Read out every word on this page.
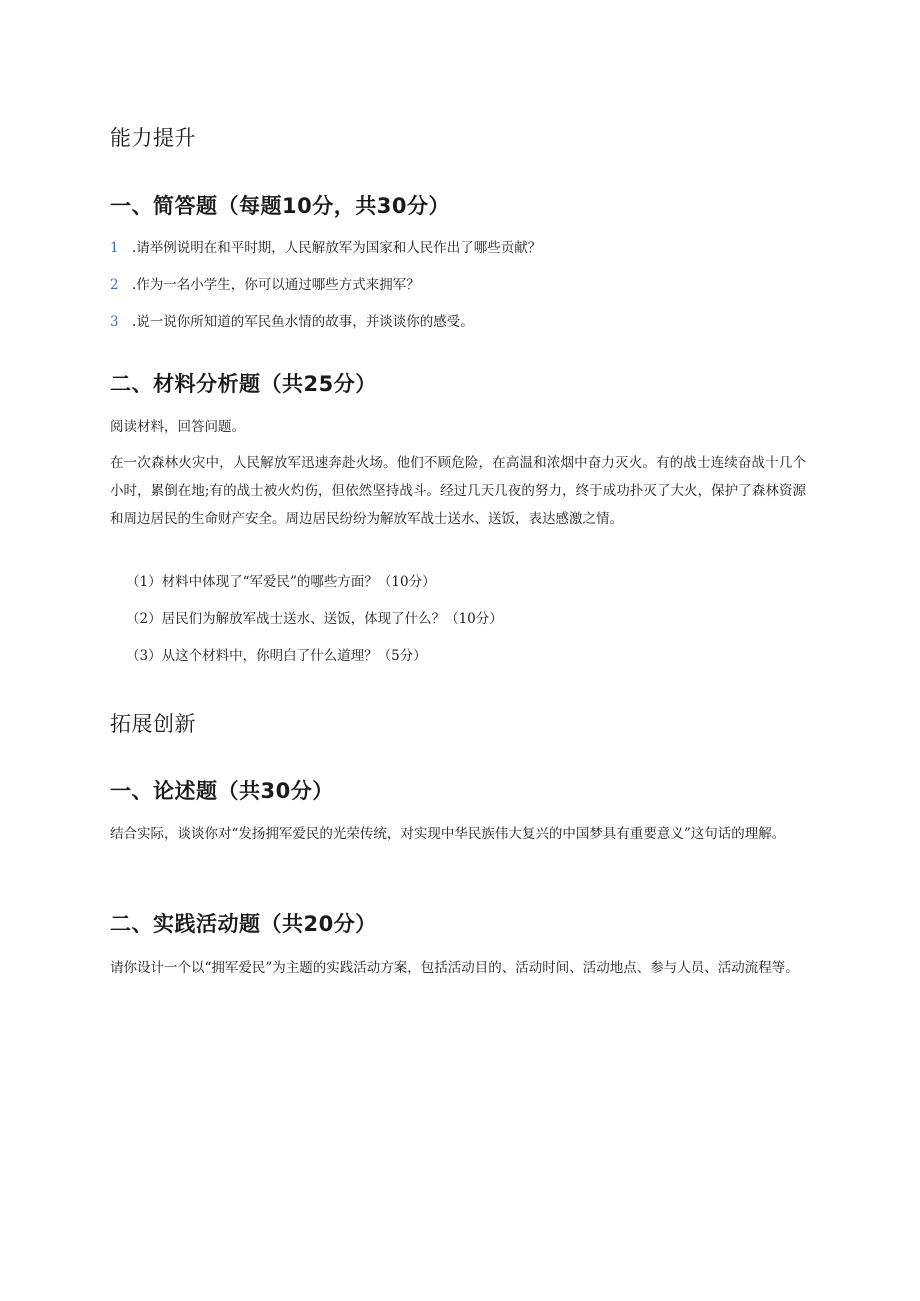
能力提升
一、简答题（每题10分，共30分）
1 .请举例说明在和平时期，人民解放军为国家和人民作出了哪些贡献？
2 .作为一名小学生，你可以通过哪些方式来拥军？
3 .说一说你所知道的军民鱼水情的故事，并谈谈你的感受。
二、材料分析题（共25分）

阅读材料，回答问题。

在一次森林火灾中，人民解放军迅速奔赴火场。他们不顾危险，在高温和浓烟中奋力灭火。有的战士连续奋战十几个小时，累倒在地;有的战士被火灼伤，但依然坚持战斗。经过几天几夜的努力，终于成功扑灭了大火，保护了森林资源和周边居民的生命财产安全。周边居民纷纷为解放军战士送水、送饭，表达感激之情。

（1）材料中体现了“军爱民”的哪些方面？（10分）
（2）居民们为解放军战士送水、送饭，体现了什么？（10分）
（3）从这个材料中，你明白了什么道理？（5分）
拓展创新
一、论述题（共30分）

结合实际，谈谈你对“发扬拥军爱民的光荣传统，对实现中华民族伟大复兴的中国梦具有重要意义”这句话的理解。

二、实践活动题（共20分）

请你设计一个以“拥军爱民”为主题的实践活动方案，包括活动目的、活动时间、活动地点、参与人员、活动流程等。
